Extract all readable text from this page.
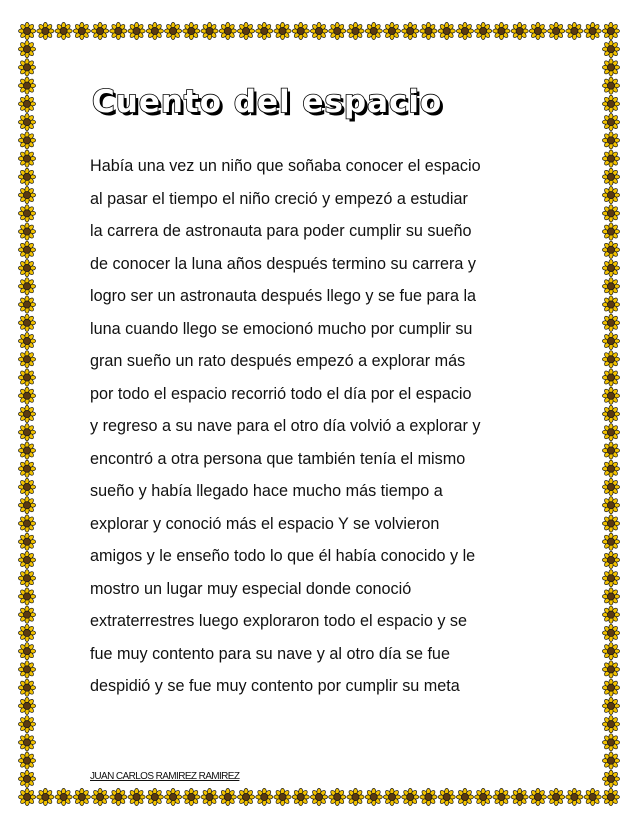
Cuento del espacio
Había una vez un niño que soñaba conocer el espacio
al pasar el tiempo el niño creció y empezó a estudiar
la carrera de astronauta para poder cumplir su sueño
de conocer la luna años después termino su carrera y
logro ser un astronauta después llego y se fue para la
luna cuando llego se emocionó mucho por cumplir su
gran sueño un rato después empezó a explorar más
por todo el espacio recorrió todo el día por el espacio
y regreso a su nave para el otro día volvió a explorar y
encontró a otra persona que también tenía el mismo
sueño y había llegado hace mucho más tiempo a
explorar y conoció más el espacio Y se volvieron
amigos y le enseño todo lo que él había conocido y le
mostro un lugar muy especial donde conoció
extraterrestres luego exploraron todo el espacio y se
fue muy contento para su nave y al otro día se fue
despidió y se fue muy contento por cumplir su meta
JUAN CARLOS RAMIREZ RAMIREZ
